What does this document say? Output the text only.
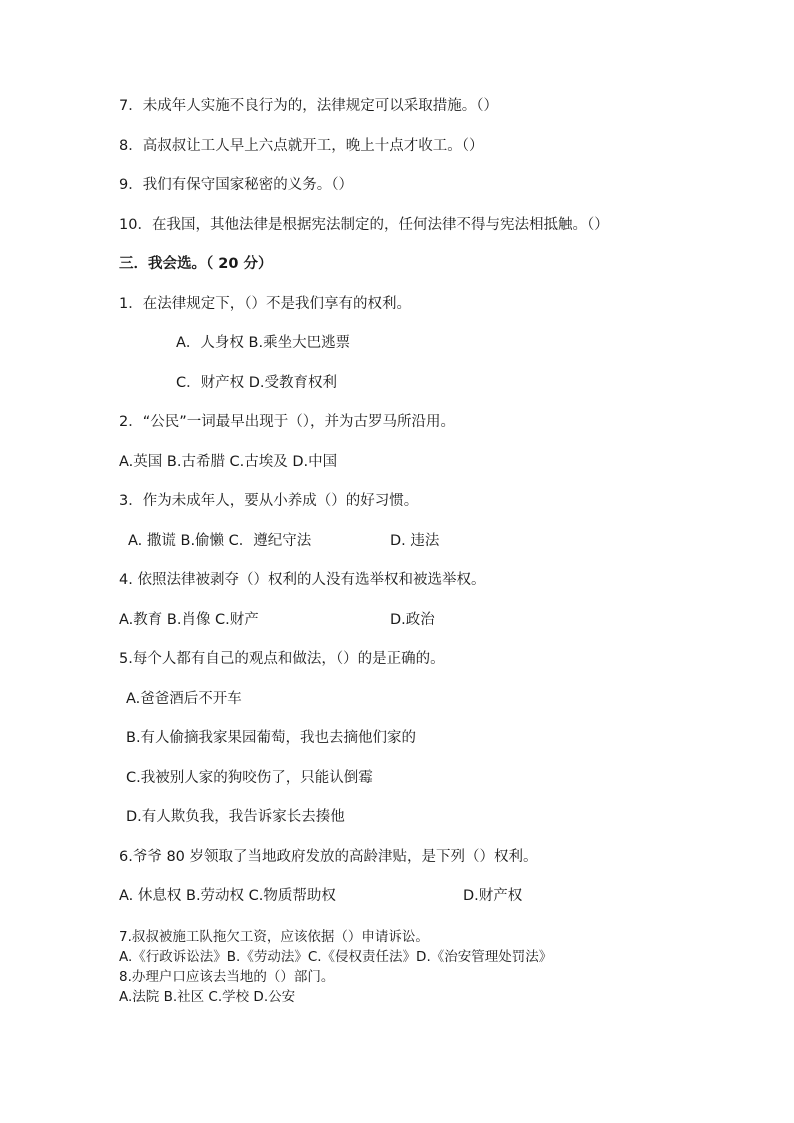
7．未成年人实施不良行为的，法律规定可以采取措施。（）
8．高叔叔让工人早上六点就开工，晚上十点才收工。（）
9．我们有保守国家秘密的义务。（）
10．在我国，其他法律是根据宪法制定的，任何法律不得与宪法相抵触。（）
三．我会选。（ 20 分）
1．在法律规定下，（）不是我们享有的权利。
A．人身权 B.乘坐大巴逃票
C．财产权 D.受教育权利
2．“公民”一词最早出现于（），并为古罗马所沿用。
A.英国 B.古希腊 C.古埃及 D.中国
3．作为未成年人，要从小养成（）的好习惯。
A. 撒谎 B.偷懒 C．遵纪守法	D. 违法
4. 依照法律被剥夺（）权利的人没有选举权和被选举权。
A.教育 B.肖像 C.财产	D.政治
5.每个人都有自己的观点和做法，（）的是正确的。
A.爸爸酒后不开车
B.有人偷摘我家果园葡萄，我也去摘他们家的
C.我被别人家的狗咬伤了，只能认倒霉
D.有人欺负我，我告诉家长去揍他
6.爷爷 80 岁领取了当地政府发放的高龄津贴，是下列（）权利。
A. 休息权 B.劳动权 C.物质帮助权	D.财产权
7.叔叔被施工队拖欠工资，应该依据（）申请诉讼。
A.《行政诉讼法》B.《劳动法》C.《侵权责任法》D.《治安管理处罚法》
8.办理户口应该去当地的（）部门。
A.法院 B.社区 C.学校 D.公安
